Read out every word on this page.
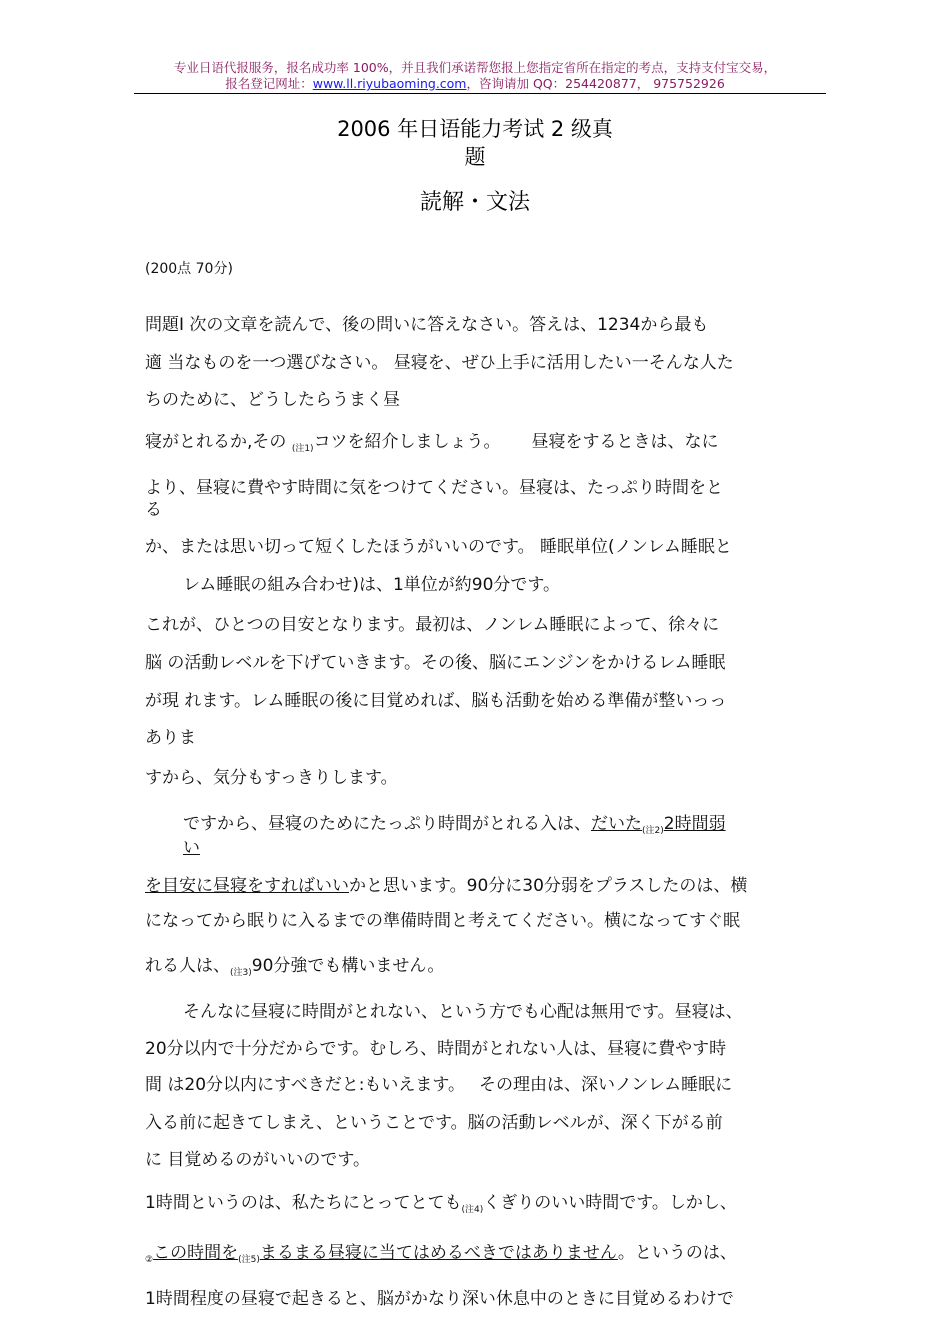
专业日语代报服务，报名成功率 100%，并且我们承诺帮您报上您指定省所在指定的考点，支持支付宝交易，
报名登记网址：www.ll.riyubaoming.com，咨询请加 QQ：254420877， 975752926
2006 年日语能力考试 2 级真
题
読解・文法
(200点 70分)
問題Ⅰ 次の文章を読んで、後の問いに答えなさい。答えは、1234から最も
適 当なものを一つ選びなさい。 昼寝を、ぜひ上手に活用したい一そんな人た
ちのために、どうしたらうまく昼
寝がとれるか,その $_{(注1)}$コツを紹介しましょう。　　 昼寝をするときは、なに
より、昼寝に費やす時間に気をつけてください。昼寝は、たっぷり時間をと
る
か、または思い切って短くしたほうがいいのです。 睡眠単位(ノンレム睡眠と
レム睡眠の組み合わせ)は、1単位が約90分です。
これが、ひとつの目安となります。最初は、ノンレム睡眠によって、徐々に
脳 の活動レベルを下げていきます。その後、脳にエンジンをかけるレム睡眠
が現 れます。レム睡眠の後に目覚めれば、脳も活動を始める準備が整いっっ
ありま
すから、気分もすっきりします。
ですから、昼寝のためにたっぷり時間がとれる入は、だいた$_{(注2)}$2時間弱
い
を目安に昼寝をすればいいかと思います。90分に30分弱をプラスしたのは、横
になってから眠りに入るまでの準備時間と考えてください。横になってすぐ眠
れる人は、$_{(注3)}$90分強でも構いません。
そんなに昼寝に時間がとれない、という方でも心配は無用です。昼寝は、
20分以内で十分だからです。むしろ、時間がとれない人は、昼寝に費やす時
間 は20分以内にすべきだと:もいえます。　 その理由は、深いノンレム睡眠に
入る前に起きてしまえ、ということです。脳の活動レベルが、深く下がる前
に 目覚めるのがいいのです。
1時間というのは、私たちにとってとても$_{(注4)}$くぎりのいい時間です。しかし、
$_②$この時間を$_{(注5)}$まるまる昼寝に当てはめるべきではありません。というのは、
1時間程度の昼寝で起きると、脳がかなり深い休息中のときに目覚めるわけで
